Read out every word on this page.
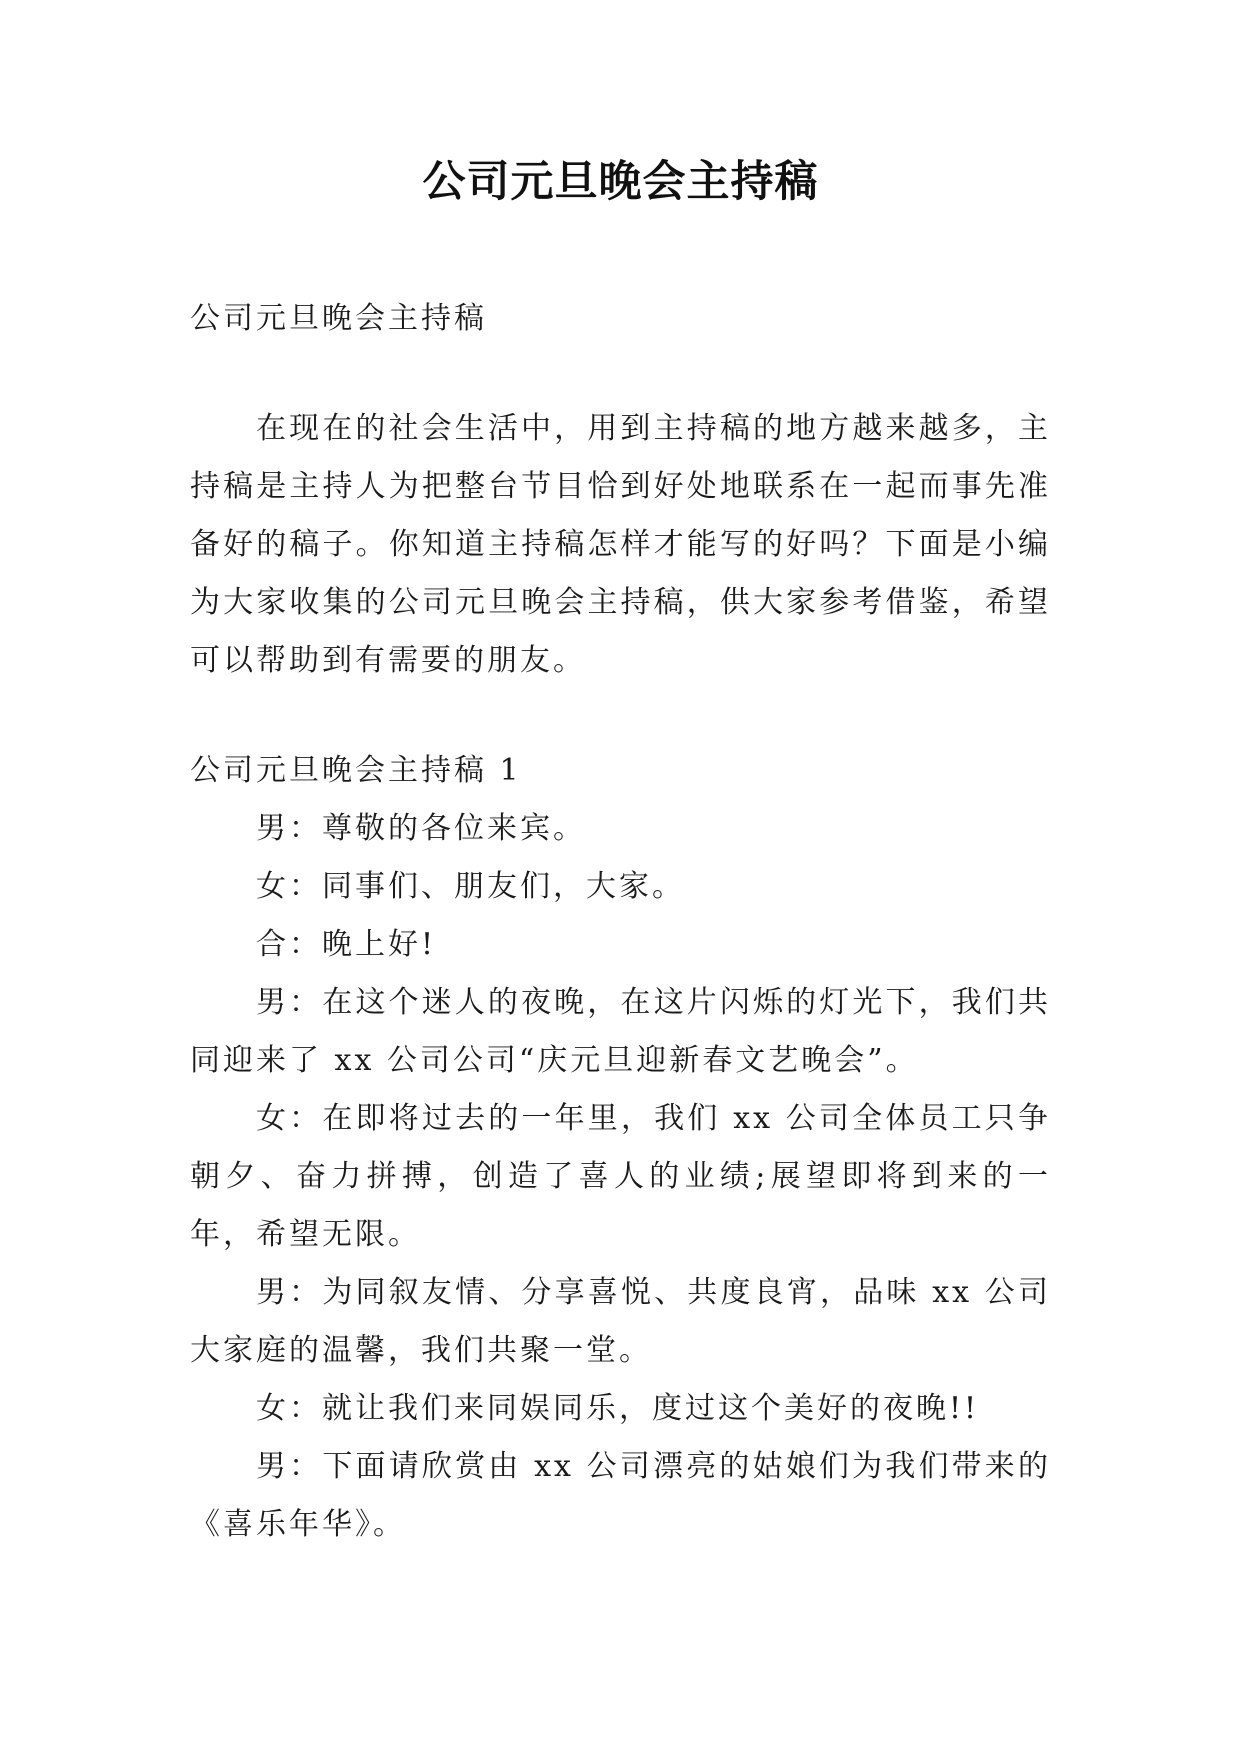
公司元旦晚会主持稿

公司元旦晚会主持稿

在现在的社会生活中，用到主持稿的地方越来越多，主持稿是主持人为把整台节目恰到好处地联系在一起而事先准备好的稿子。你知道主持稿怎样才能写的好吗？下面是小编为大家收集的公司元旦晚会主持稿，供大家参考借鉴，希望可以帮助到有需要的朋友。

公司元旦晚会主持稿 1

男：尊敬的各位来宾。

女：同事们、朋友们，大家。

合：晚上好!

男：在这个迷人的夜晚，在这片闪烁的灯光下，我们共同迎来了 xx 公司公司“庆元旦迎新春文艺晚会”。

女：在即将过去的一年里，我们 xx 公司全体员工只争朝夕、奋力拼搏，创造了喜人的业绩;展望即将到来的一年，希望无限。

男：为同叙友情、分享喜悦、共度良宵，品味 xx 公司大家庭的温馨，我们共聚一堂。

女：就让我们来同娱同乐，度过这个美好的夜晚!!

男：下面请欣赏由 xx 公司漂亮的姑娘们为我们带来的《喜乐年华》。
